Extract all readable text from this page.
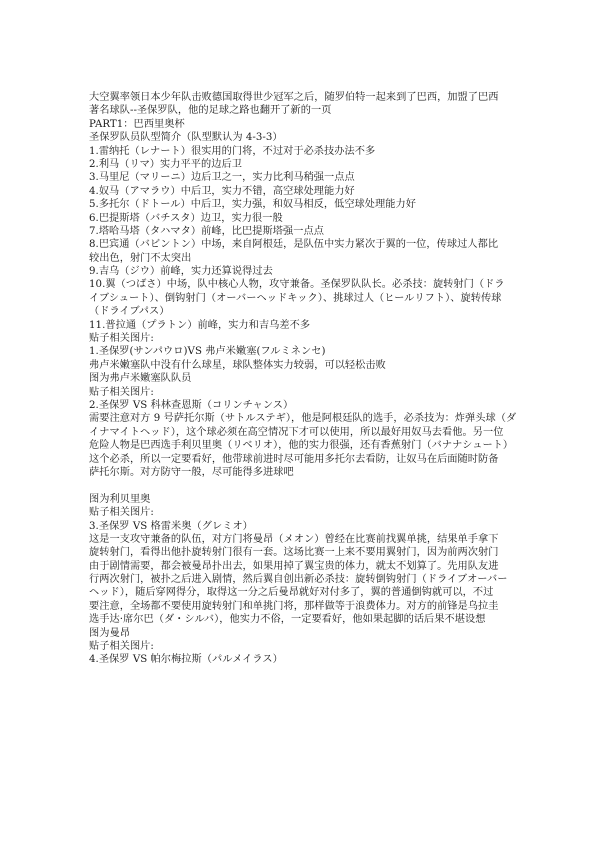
大空翼率领日本少年队击败德国取得世少冠军之后，随罗伯特一起来到了巴西，加盟了巴西
著名球队--圣保罗队，他的足球之路也翻开了新的一页
PART1：巴西里奥杯
圣保罗队员队型简介（队型默认为 4-3-3）
1.雷纳托（レナート）很实用的门将，不过对于必杀技办法不多
2.利马（リマ）实力平平的边后卫
3.马里尼（マリーニ）边后卫之一，实力比利马稍强一点点
4.奴马（アマラウ）中后卫，实力不错，高空球处理能力好
5.多托尔（ドトール）中后卫，实力强，和奴马相反，低空球处理能力好
6.巴提斯塔（バチスタ）边卫，实力很一般
7.塔哈马塔（タハマタ）前峰，比巴提斯塔强一点点
8.巴宾通（バビントン）中场，来自阿根廷，是队伍中实力紧次于翼的一位，传球过人都比
较出色，射门不太突出
9.吉乌（ジウ）前峰，实力还算说得过去
10.翼（つばさ）中场，队中核心人物，攻守兼备。圣保罗队队长。必杀技：旋转射门（ドラ
イブシュート）、倒钩射门（オーバーヘッドキック）、挑球过人（ヒールリフト）、旋转传球
（ドライブパス）
11.普拉通（プラトン）前峰，实力和吉乌差不多
贴子相关图片:
1.圣保罗(サンパウロ)VS 弗卢米嫩塞(フルミネンセ)
弗卢米嫩塞队中没有什么球星，球队整体实力较弱，可以轻松击败
图为弗卢米嫩塞队队员
贴子相关图片:
2.圣保罗 VS 科林查恩斯（コリンチャンス）
需要注意对方 9 号萨托尔斯（サトルステギ），他是阿根廷队的选手，必杀技为：炸弹头球（ダ
イナマイトヘッド），这个球必须在高空情况下才可以使用，所以最好用奴马去看他。另一位
危险人物是巴西选手利贝里奥（リベリオ），他的实力很强，还有香蕉射门（バナナシュート）
这个必杀，所以一定要看好，他带球前进时尽可能用多托尔去看防，让奴马在后面随时防备
萨托尔斯。对方防守一般，尽可能得多进球吧
图为利贝里奥
贴子相关图片:
3.圣保罗 VS 格雷米奥（グレミオ）
这是一支攻守兼备的队伍，对方门将曼昂（メオン）曾经在比赛前找翼单挑，结果单手拿下
旋转射门，看得出他扑旋转射门很有一套。这场比赛一上来不要用翼射门，因为前两次射门
由于剧情需要，都会被曼昂扑出去，如果用掉了翼宝贵的体力，就太不划算了。先用队友进
行两次射门，被扑之后进入剧情，然后翼自创出新必杀技：旋转倒钩射门（ドライブオーバー
ヘッド），随后穿网得分，取得这一分之后曼昂就好对付多了，翼的普通倒钩就可以，不过
要注意，全场都不要使用旋转射门和单挑门将，那样做等于浪费体力。对方的前锋是乌拉圭
选手达·席尔巴（ダ・シルバ），他实力不俗，一定要看好，他如果起脚的话后果不堪设想
图为曼昂
贴子相关图片:
4.圣保罗 VS 帕尔梅拉斯（パルメイラス）
